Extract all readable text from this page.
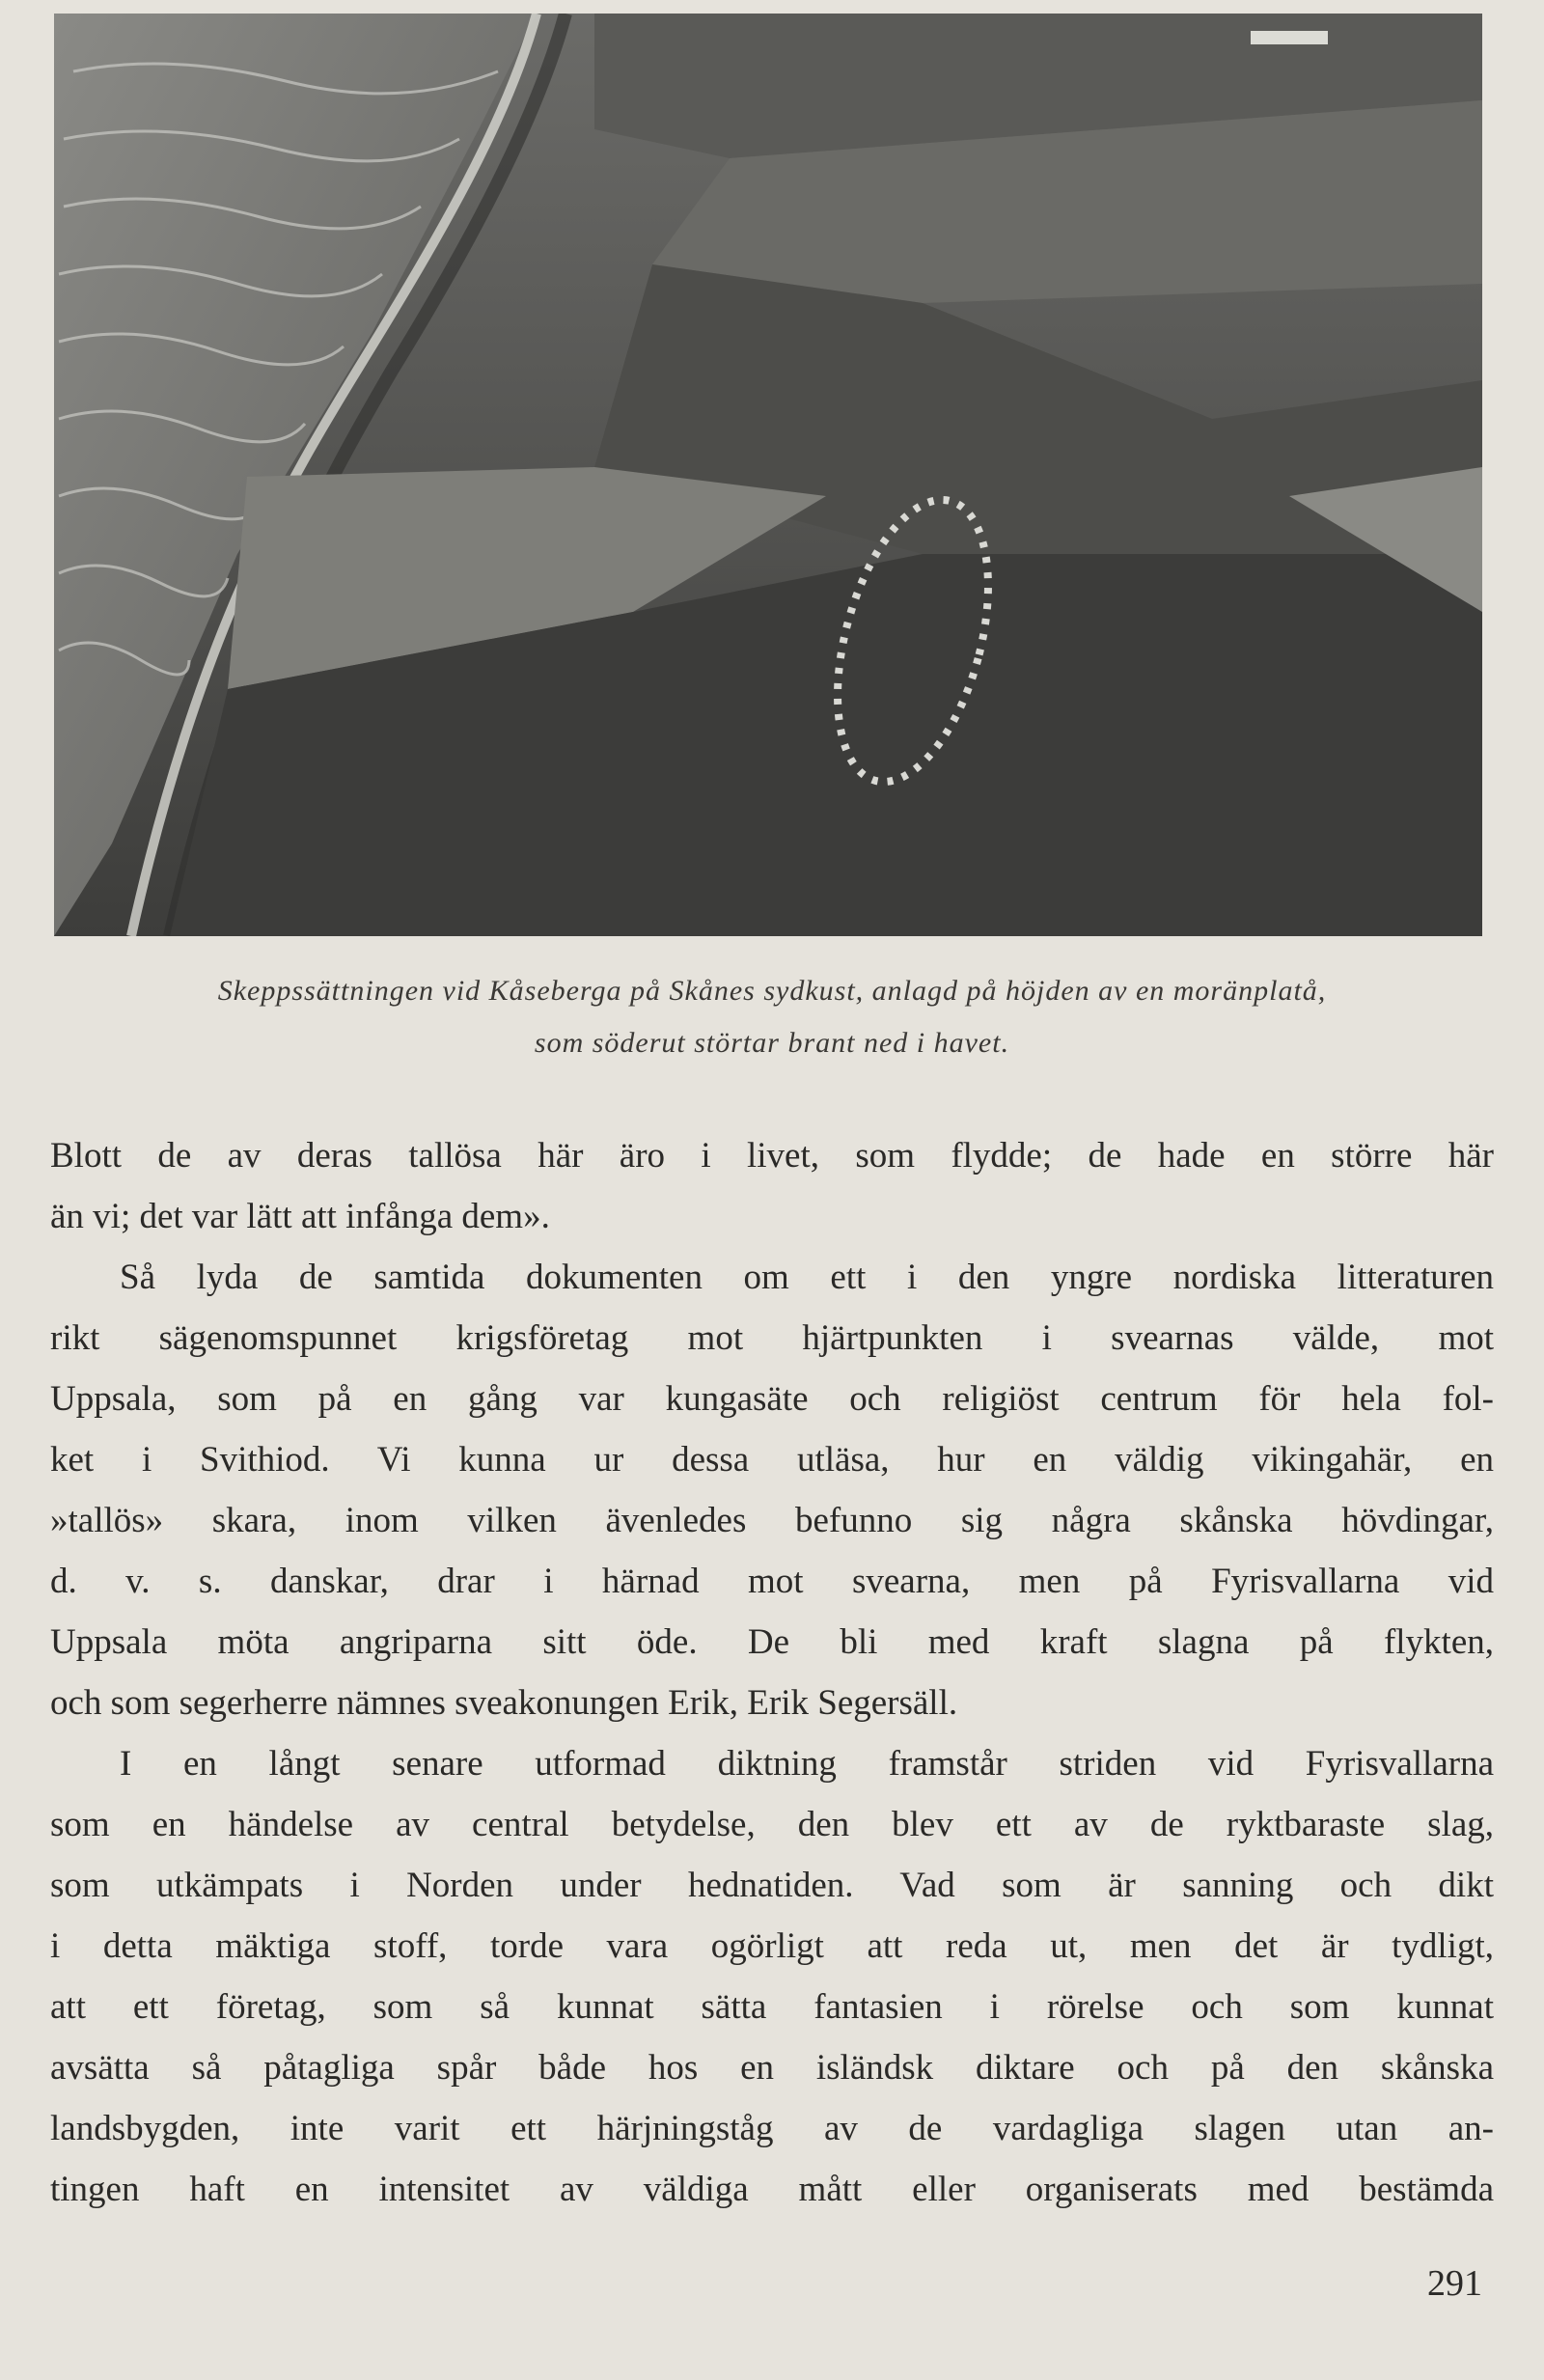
Skeppssättningen vid Kåseberga på Skånes sydkust, anlagd på höjden av en moränplatå,
som söderut störtar brant ned i havet.
Blott de av deras tallösa här äro i livet, som flydde; de hade en större här
än vi; det var lätt att infånga dem».
Så lyda de samtida dokumenten om ett i den yngre nordiska litteraturen
rikt sägenomspunnet krigsföretag mot hjärtpunkten i svearnas välde, mot
Uppsala, som på en gång var kungasäte och religiöst centrum för hela fol-
ket i Svithiod. Vi kunna ur dessa utläsa, hur en väldig vikingahär, en
»tallös» skara, inom vilken ävenledes befunno sig några skånska hövdingar,
d. v. s. danskar, drar i härnad mot svearna, men på Fyrisvallarna vid
Uppsala möta angriparna sitt öde. De bli med kraft slagna på flykten,
och som segerherre nämnes sveakonungen Erik, Erik Segersäll.
I en långt senare utformad diktning framstår striden vid Fyrisvallarna
som en händelse av central betydelse, den blev ett av de ryktbaraste slag,
som utkämpats i Norden under hednatiden. Vad som är sanning och dikt
i detta mäktiga stoff, torde vara ogörligt att reda ut, men det är tydligt,
att ett företag, som så kunnat sätta fantasien i rörelse och som kunnat
avsätta så påtagliga spår både hos en isländsk diktare och på den skånska
landsbygden, inte varit ett härjningståg av de vardagliga slagen utan an-
tingen haft en intensitet av väldiga mått eller organiserats med bestämda
291
